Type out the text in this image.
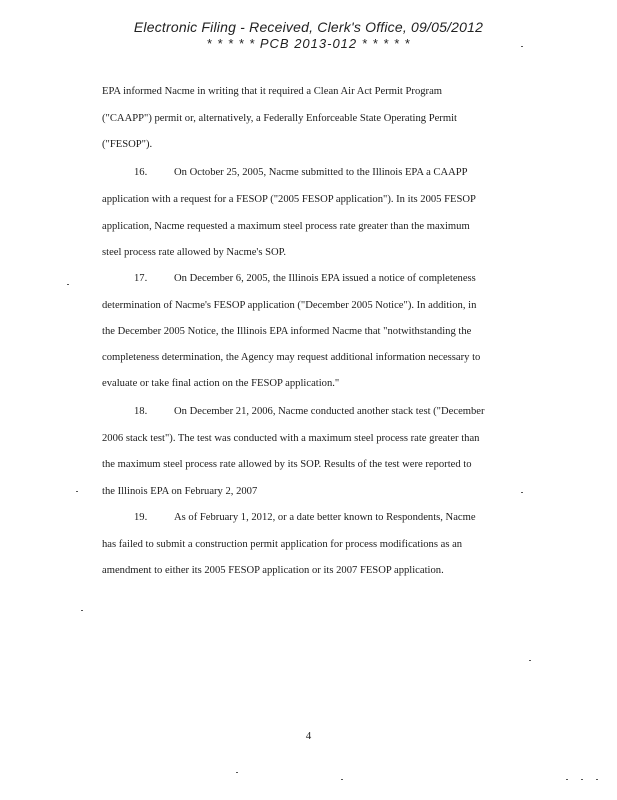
Electronic Filing - Received, Clerk's Office, 09/05/2012
* * * * * PCB 2013-012 * * * * *
EPA informed Nacme in writing that it required a Clean Air Act Permit Program
("CAAPP") permit or, alternatively, a Federally Enforceable State Operating Permit
("FESOP").
16.	On October 25, 2005, Nacme submitted to the Illinois EPA a CAAPP
application with a request for a FESOP ("2005 FESOP application"). In its 2005 FESOP
application, Nacme requested a maximum steel process rate greater than the maximum
steel process rate allowed by Nacme's SOP.
17.	On December 6, 2005, the Illinois EPA issued a notice of completeness
determination of Nacme's FESOP application ("December 2005 Notice"). In addition, in
the December 2005 Notice, the Illinois EPA informed Nacme that "notwithstanding the
completeness determination, the Agency may request additional information necessary to
evaluate or take final action on the FESOP application."
18.	On December 21, 2006, Nacme conducted another stack test ("December
2006 stack test"). The test was conducted with a maximum steel process rate greater than
the maximum steel process rate allowed by its SOP. Results of the test were reported to
the Illinois EPA on February 2, 2007
19.	As of February 1, 2012, or a date better known to Respondents, Nacme
has failed to submit a construction permit application for process modifications as an
amendment to either its 2005 FESOP application or its 2007 FESOP application.
4
